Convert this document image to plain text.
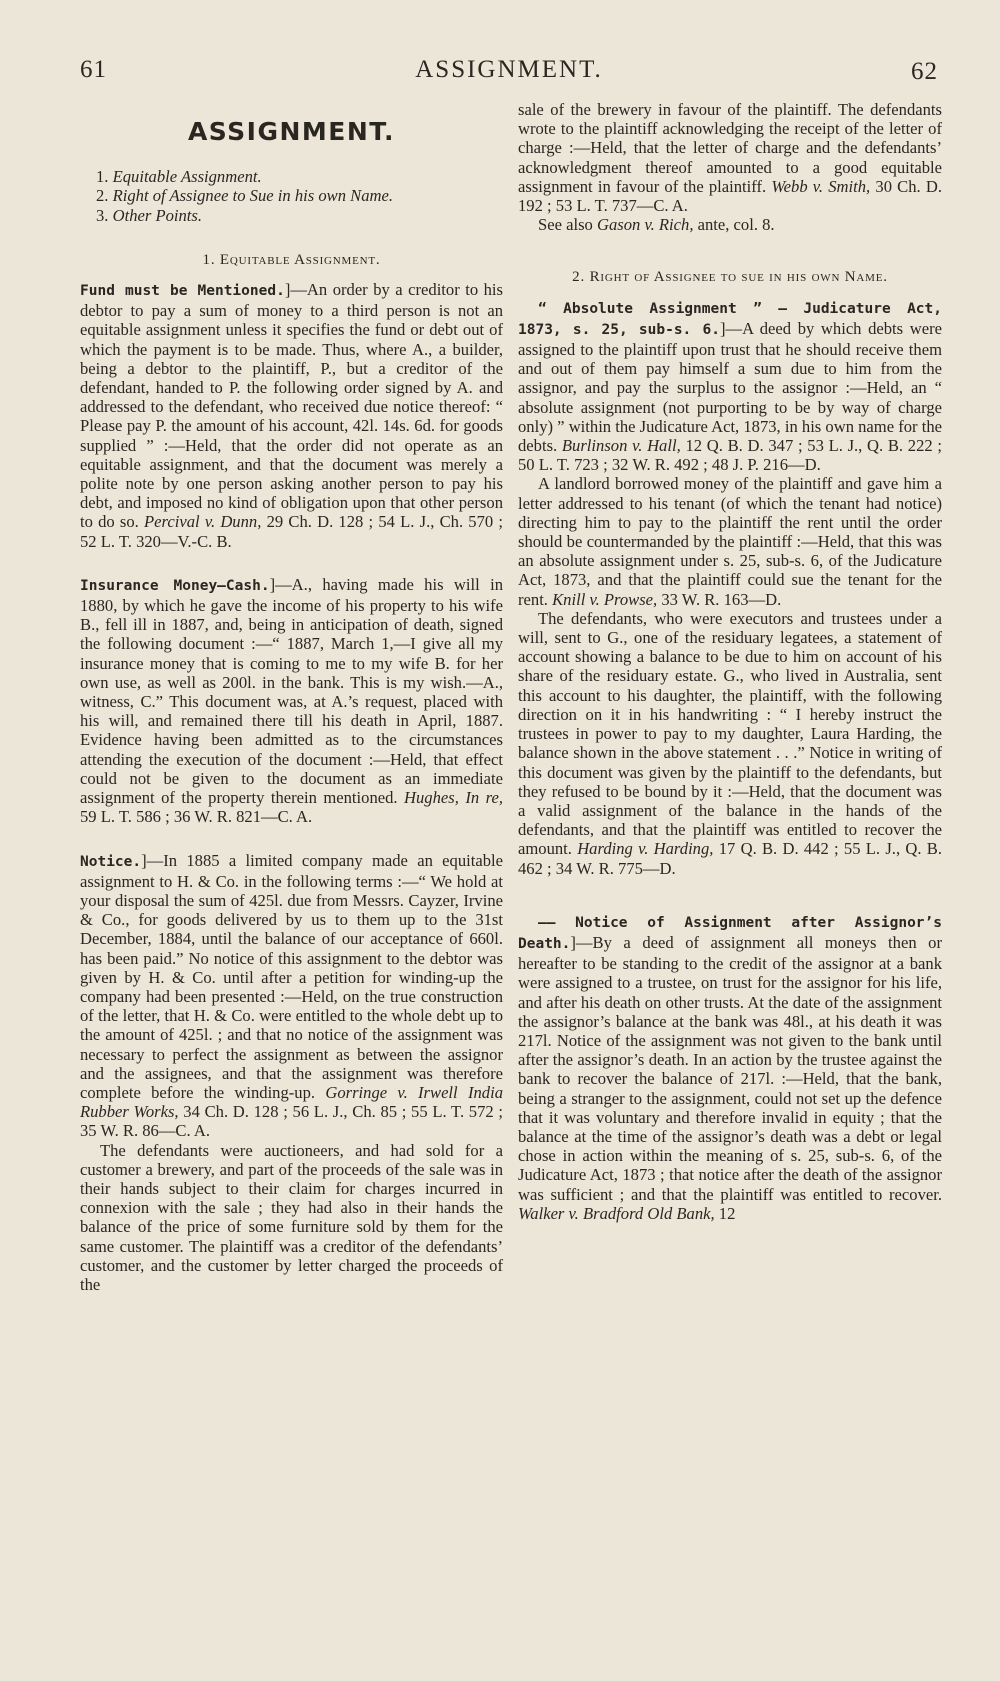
61	ASSIGNMENT.	62
ASSIGNMENT.
1. Equitable Assignment.
2. Right of Assignee to Sue in his own Name.
3. Other Points.
1. Equitable Assignment.

Fund must be Mentioned.]—An order by a creditor to his debtor to pay a sum of money to a third person is not an equitable assignment unless it specifies the fund or debt out of which the payment is to be made. Thus, where A., a builder, being a debtor to the plaintiff, P., but a creditor of the defendant, handed to P. the following order signed by A. and addressed to the defendant, who received due notice thereof: “ Please pay P. the amount of his account, 42l. 14s. 6d. for goods supplied ” :—Held, that the order did not operate as an equitable assignment, and that the document was merely a polite note by one person asking another person to pay his debt, and imposed no kind of obligation upon that other person to do so. Percival v. Dunn, 29 Ch. D. 128 ; 54 L. J., Ch. 570 ; 52 L. T. 320—V.-C. B.

Insurance Money—Cash.]—A., having made his will in 1880, by which he gave the income of his property to his wife B., fell ill in 1887, and, being in anticipation of death, signed the following document :—“ 1887, March 1,—I give all my insurance money that is coming to me to my wife B. for her own use, as well as 200l. in the bank. This is my wish.—A., witness, C.” This document was, at A.’s request, placed with his will, and remained there till his death in April, 1887. Evidence having been admitted as to the circumstances attending the execution of the document :—Held, that effect could not be given to the document as an immediate assignment of the property therein mentioned. Hughes, In re, 59 L. T. 586 ; 36 W. R. 821—C. A.

Notice.]—In 1885 a limited company made an equitable assignment to H. & Co. in the following terms :—“ We hold at your disposal the sum of 425l. due from Messrs. Cayzer, Irvine & Co., for goods delivered by us to them up to the 31st December, 1884, until the balance of our acceptance of 660l. has been paid.” No notice of this assignment to the debtor was given by H. & Co. until after a petition for winding-up the company had been presented :—Held, on the true construction of the letter, that H. & Co. were entitled to the whole debt up to the amount of 425l. ; and that no notice of the assignment was necessary to perfect the assignment as between the assignor and the assignees, and that the assignment was therefore complete before the winding-up. Gorringe v. Irwell India Rubber Works, 34 Ch. D. 128 ; 56 L. J., Ch. 85 ; 55 L. T. 572 ; 35 W. R. 86—C. A.

The defendants were auctioneers, and had sold for a customer a brewery, and part of the proceeds of the sale was in their hands subject to their claim for charges incurred in connexion with the sale ; they had also in their hands the balance of the price of some furniture sold by them for the same customer. The plaintiff was a creditor of the defendants’ customer, and the customer by letter charged the proceeds of the

sale of the brewery in favour of the plaintiff. The defendants wrote to the plaintiff acknowledging the receipt of the letter of charge :—Held, that the letter of charge and the defendants’ acknowledgment thereof amounted to a good equitable assignment in favour of the plaintiff. Webb v. Smith, 30 Ch. D. 192 ; 53 L. T. 737—C. A.

See also Gason v. Rich, ante, col. 8.

2. Right of Assignee to sue in his own Name.

“ Absolute Assignment ” — Judicature Act, 1873, s. 25, sub-s. 6.]—A deed by which debts were assigned to the plaintiff upon trust that he should receive them and out of them pay himself a sum due to him from the assignor, and pay the surplus to the assignor :—Held, an “ absolute assignment (not purporting to be by way of charge only) ” within the Judicature Act, 1873, in his own name for the debts. Burlinson v. Hall, 12 Q. B. D. 347 ; 53 L. J., Q. B. 222 ; 50 L. T. 723 ; 32 W. R. 492 ; 48 J. P. 216—D.

A landlord borrowed money of the plaintiff and gave him a letter addressed to his tenant (of which the tenant had notice) directing him to pay to the plaintiff the rent until the order should be countermanded by the plaintiff :—Held, that this was an absolute assignment under s. 25, sub-s. 6, of the Judicature Act, 1873, and that the plaintiff could sue the tenant for the rent. Knill v. Prowse, 33 W. R. 163—D.

The defendants, who were executors and trustees under a will, sent to G., one of the residuary legatees, a statement of account showing a balance to be due to him on account of his share of the residuary estate. G., who lived in Australia, sent this account to his daughter, the plaintiff, with the following direction on it in his handwriting : “ I hereby instruct the trustees in power to pay to my daughter, Laura Harding, the balance shown in the above statement . . .” Notice in writing of this document was given by the plaintiff to the defendants, but they refused to be bound by it :—Held, that the document was a valid assignment of the balance in the hands of the defendants, and that the plaintiff was entitled to recover the amount. Harding v. Harding, 17 Q. B. D. 442 ; 55 L. J., Q. B. 462 ; 34 W. R. 775—D.

—— Notice of Assignment after Assignor’s Death.]—By a deed of assignment all moneys then or hereafter to be standing to the credit of the assignor at a bank were assigned to a trustee, on trust for the assignor for his life, and after his death on other trusts. At the date of the assignment the assignor’s balance at the bank was 48l., at his death it was 217l. Notice of the assignment was not given to the bank until after the assignor’s death. In an action by the trustee against the bank to recover the balance of 217l. :—Held, that the bank, being a stranger to the assignment, could not set up the defence that it was voluntary and therefore invalid in equity ; that the balance at the time of the assignor’s death was a debt or legal chose in action within the meaning of s. 25, sub-s. 6, of the Judicature Act, 1873 ; that notice after the death of the assignor was sufficient ; and that the plaintiff was entitled to recover. Walker v. Bradford Old Bank, 12
